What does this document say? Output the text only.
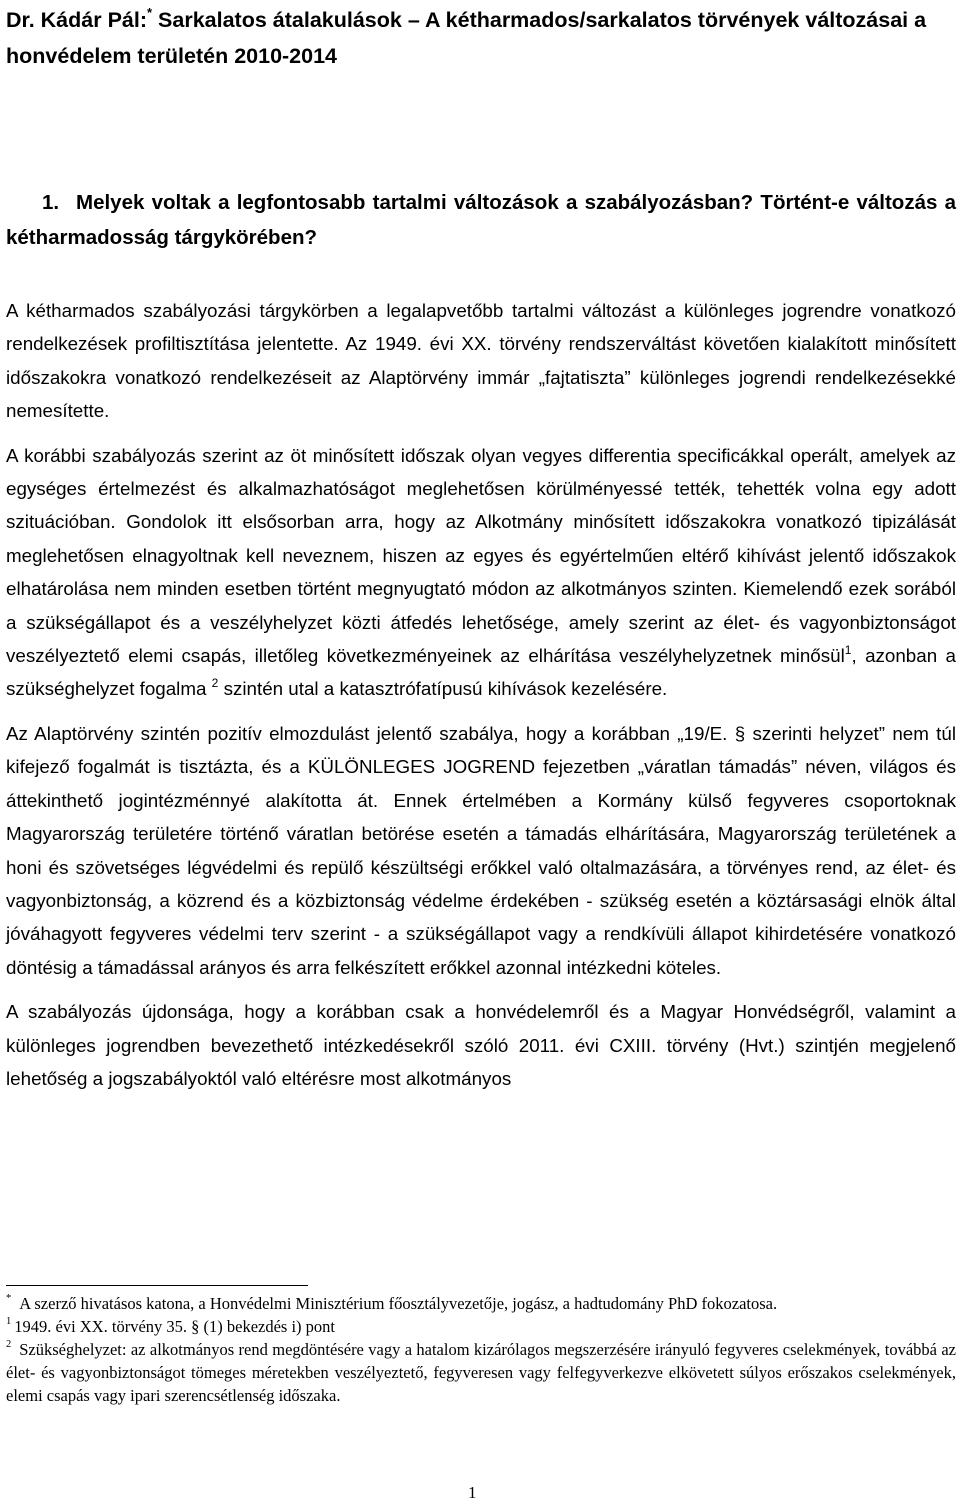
Dr. Kádár Pál:* Sarkalatos átalakulások – A kétharmados/sarkalatos törvények változásai a honvédelem területén 2010-2014
1. Melyek voltak a legfontosabb tartalmi változások a szabályozásban? Történt-e változás a kétharmadosság tárgykörében?

A kétharmados szabályozási tárgykörben a legalapvetőbb tartalmi változást a különleges jogrendre vonatkozó rendelkezések profiltisztítása jelentette. Az 1949. évi XX. törvény rendszerváltást követően kialakított minősített időszakokra vonatkozó rendelkezéseit az Alaptörvény immár „fajtatiszta” különleges jogrendi rendelkezésekké nemesítette.

A korábbi szabályozás szerint az öt minősített időszak olyan vegyes differentia specificákkal operált, amelyek az egységes értelmezést és alkalmazhatóságot meglehetősen körülményessé tették, tehették volna egy adott szituációban. Gondolok itt elsősorban arra, hogy az Alkotmány minősített időszakokra vonatkozó tipizálását meglehetősen elnagyoltnak kell neveznem, hiszen az egyes és egyértelműen eltérő kihívást jelentő időszakok elhatárolása nem minden esetben történt megnyugtató módon az alkotmányos szinten. Kiemelendő ezek sorából a szükségállapot és a veszélyhelyzet közti átfedés lehetősége, amely szerint az élet- és vagyonbiztonságot veszélyeztető elemi csapás, illetőleg következményeinek az elhárítása veszélyhelyzetnek minősül$^1$, azonban a szükséghelyzet fogalma $^2$ szintén utal a katasztrófatípusú kihívások kezelésére.

Az Alaptörvény szintén pozitív elmozdulást jelentő szabálya, hogy a korábban „19/E. § szerinti helyzet” nem túl kifejező fogalmát is tisztázta, és a KÜLÖNLEGES JOGREND fejezetben „váratlan támadás” néven, világos és áttekinthető jogintézménnyé alakította át. Ennek értelmében a Kormány külső fegyveres csoportoknak Magyarország területére történő váratlan betörése esetén a támadás elhárítására, Magyarország területének a honi és szövetséges légvédelmi és repülő készültségi erőkkel való oltalmazására, a törvényes rend, az élet- és vagyonbiztonság, a közrend és a közbiztonság védelme érdekében - szükség esetén a köztársasági elnök által jóváhagyott fegyveres védelmi terv szerint - a szükségállapot vagy a rendkívüli állapot kihirdetésére vonatkozó döntésig a támadással arányos és arra felkészített erőkkel azonnal intézkedni köteles.

A szabályozás újdonsága, hogy a korábban csak a honvédelemről és a Magyar Honvédségről, valamint a különleges jogrendben bevezethető intézkedésekről szóló 2011. évi CXIII. törvény (Hvt.) szintjén megjelenő lehetőség a jogszabályoktól való eltérésre most alkotmányos

* A szerző hivatásos katona, a Honvédelmi Minisztérium főosztályvezetője, jogász, a hadtudomány PhD fokozatosa.

$^1$ 1949. évi XX. törvény 35. § (1) bekezdés i) pont

$^2$ Szükséghelyzet: az alkotmányos rend megdöntésére vagy a hatalom kizárólagos megszerzésére irányuló fegyveres cselekmények, továbbá az élet- és vagyonbiztonságot tömeges méretekben veszélyeztető, fegyveresen vagy felfegyverkezve elkövetett súlyos erőszakos cselekmények, elemi csapás vagy ipari szerencsétlenség időszaka.

1
